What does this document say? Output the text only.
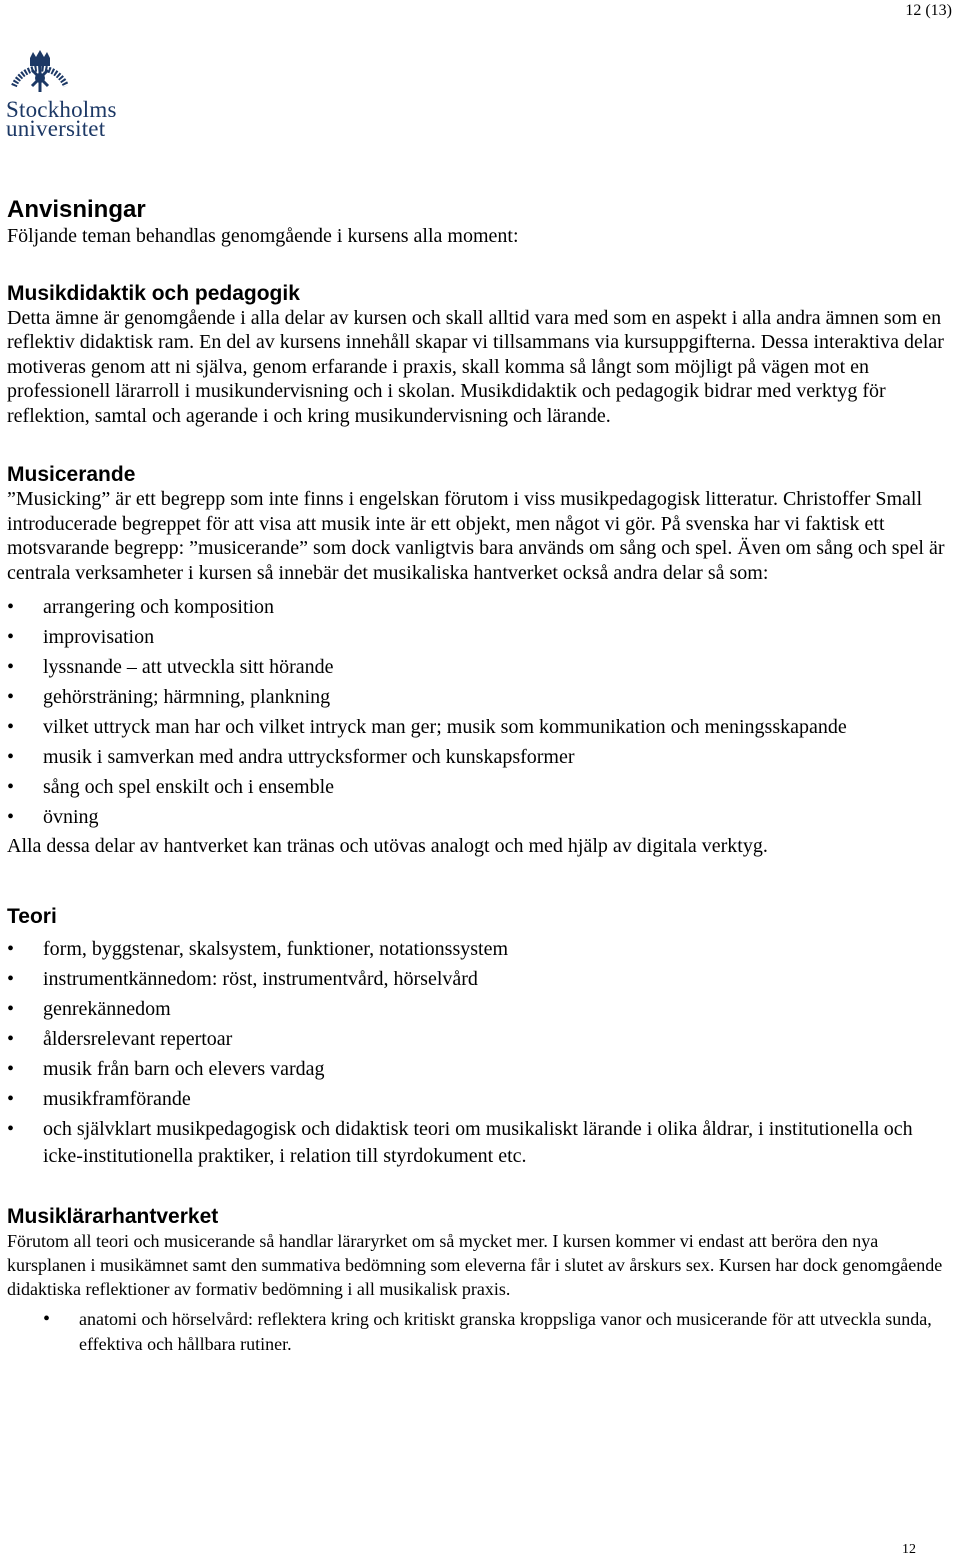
12 (13)
Stockholms
universitet
Anvisningar

Följande teman behandlas genomgående i kursens alla moment:

Musikdidaktik och pedagogik

Detta ämne är genomgående i alla delar av kursen och skall alltid vara med som en aspekt i alla andra ämnen som en reflektiv didaktisk ram. En del av kursens innehåll skapar vi tillsammans via kursuppgifterna. Dessa interaktiva delar motiveras genom att ni själva, genom erfarande i praxis, skall komma så långt som möjligt på vägen mot en professionell lärarroll i musikundervisning och i skolan. Musikdidaktik och pedagogik bidrar med verktyg för reflektion, samtal och agerande i och kring musikundervisning och lärande.

Musicerande

”Musicking” är ett begrepp som inte finns i engelskan förutom i viss musikpedagogisk litteratur. Christoffer Small introducerade begreppet för att visa att musik inte är ett objekt, men något vi gör. På svenska har vi faktisk ett motsvarande begrepp: ”musicerande” som dock vanligtvis bara används om sång och spel. Även om sång och spel är centrala verksamheter i kursen så innebär det musikaliska hantverket också andra delar så som:

• arrangering och komposition
• improvisation
• lyssnande – att utveckla sitt hörande
• gehörsträning; härmning, plankning
• vilket uttryck man har och vilket intryck man ger; musik som kommunikation och meningsskapande
• musik i samverkan med andra uttrycksformer och kunskapsformer
• sång och spel enskilt och i ensemble
• övning

Alla dessa delar av hantverket kan tränas och utövas analogt och med hjälp av digitala verktyg.

Teori
• form, byggstenar, skalsystem, funktioner, notationssystem
• instrumentkännedom: röst, instrumentvård, hörselvård
• genrekännedom
• åldersrelevant repertoar
• musik från barn och elevers vardag
• musikframförande
• och självklart musikpedagogisk och didaktisk teori om musikaliskt lärande i olika åldrar, i institutionella och icke-institutionella praktiker, i relation till styrdokument etc.
Musiklärarhantverket

Förutom all teori och musicerande så handlar läraryrket om så mycket mer. I kursen kommer vi endast att beröra den nya kursplanen i musikämnet samt den summativa bedömning som eleverna får i slutet av årskurs sex. Kursen har dock genomgående didaktiska reflektioner av formativ bedömning i all musikalisk praxis.

• anatomi och hörselvård: reflektera kring och kritiskt granska kroppsliga vanor och musicerande för att utveckla sunda, effektiva och hållbara rutiner.
12
